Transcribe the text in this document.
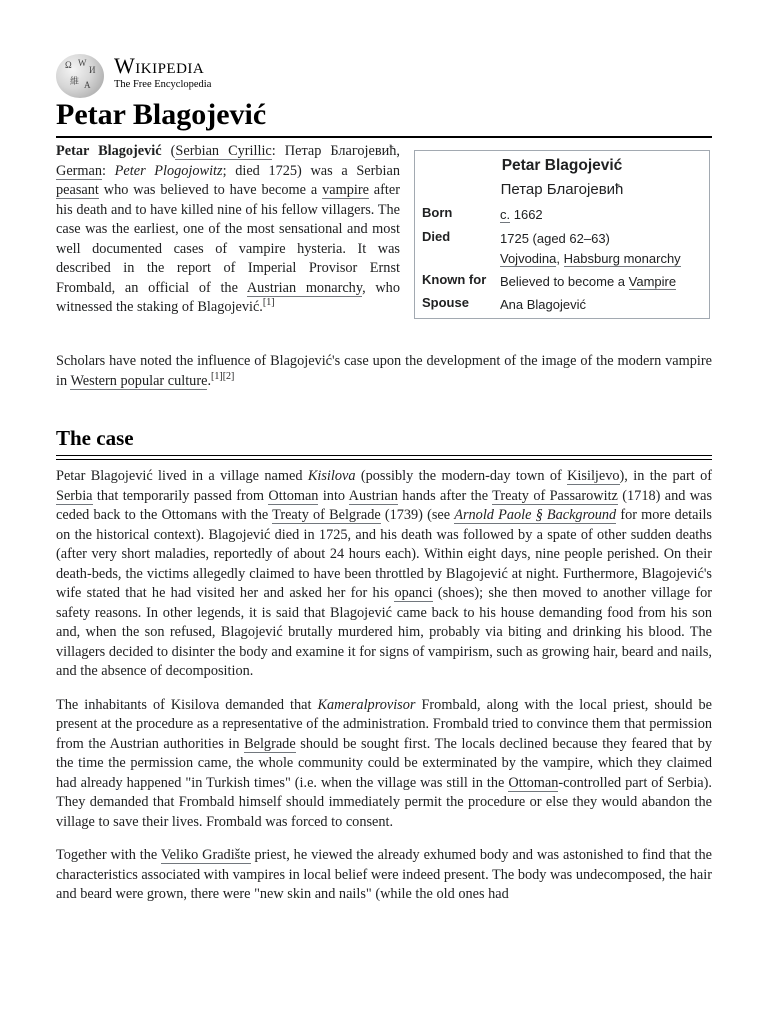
Ω W
И
維 A
Wikipedia
The Free Encyclopedia
Petar Blagojević
Petar Blagojević (Serbian Cyrillic: Петар Благојевић, German: Peter Plogojowitz; died 1725) was a Serbian peasant who was believed to have become a vampire after his death and to have killed nine of his fellow villagers. The case was the earliest, one of the most sensational and most well documented cases of vampire hysteria. It was described in the report of Imperial Provisor Ernst Frombald, an official of the Austrian monarchy, who witnessed the staking of Blagojević.[1]
Petar Blagojević
Петар Благојевић
Born	c. 1662
Died	1725 (aged 62–63)
Vojvodina, Habsburg monarchy
Known for Believed to become a Vampire
Spouse Ana Blagojević
Scholars have noted the influence of Blagojević's case upon the development of the image of the modern vampire in Western popular culture.[1][2]
The case

Petar Blagojević lived in a village named Kisilova (possibly the modern-day town of Kisiljevo), in the part of Serbia that temporarily passed from Ottoman into Austrian hands after the Treaty of Passarowitz (1718) and was ceded back to the Ottomans with the Treaty of Belgrade (1739) (see Arnold Paole § Background for more details on the historical context). Blagojević died in 1725, and his death was followed by a spate of other sudden deaths (after very short maladies, reportedly of about 24 hours each). Within eight days, nine people perished. On their death-beds, the victims allegedly claimed to have been throttled by Blagojević at night. Furthermore, Blagojević's wife stated that he had visited her and asked her for his opanci (shoes); she then moved to another village for safety reasons. In other legends, it is said that Blagojević came back to his house demanding food from his son and, when the son refused, Blagojević brutally murdered him, probably via biting and drinking his blood. The villagers decided to disinter the body and examine it for signs of vampirism, such as growing hair, beard and nails, and the absence of decomposition.

The inhabitants of Kisilova demanded that Kameralprovisor Frombald, along with the local priest, should be present at the procedure as a representative of the administration. Frombald tried to convince them that permission from the Austrian authorities in Belgrade should be sought first. The locals declined because they feared that by the time the permission came, the whole community could be exterminated by the vampire, which they claimed had already happened "in Turkish times" (i.e. when the village was still in the Ottoman-controlled part of Serbia). They demanded that Frombald himself should immediately permit the procedure or else they would abandon the village to save their lives. Frombald was forced to consent.

Together with the Veliko Gradište priest, he viewed the already exhumed body and was astonished to find that the characteristics associated with vampires in local belief were indeed present. The body was undecomposed, the hair and beard were grown, there were "new skin and nails" (while the old ones had
